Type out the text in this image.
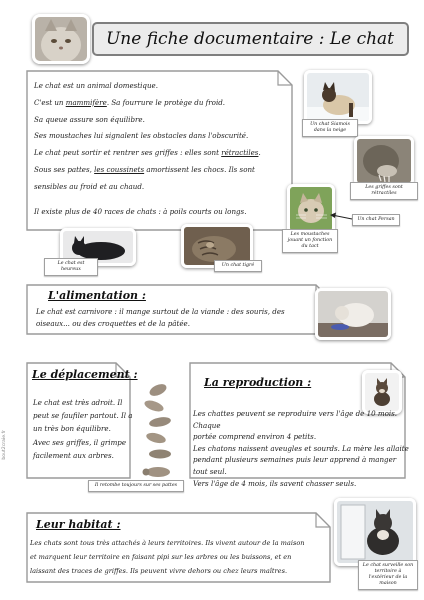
Une fiche documentaire : Le chat

Le chat est un animal domestique.

C'est un mammifère. Sa fourrure le protège du froid.

Sa queue assure son équilibre.

Ses moustaches lui signalent les obstacles dans l'obscurité.

Le chat peut sortir et rentrer ses griffes : elles sont rétractiles.

Sous ses pattes, les coussinets amortissent les chocs. Ils sont

sensibles au froid et au chaud.

Il existe plus de 40 races de chats : à poils courts ou longs.

Un chat Siamois dans la neige
Les griffes sont rétractiles
Les moustaches jouant un fonction du tact
Un chat Persan
Le chat est heureux
Un chat tigré
L'alimentation :

Le chat est carnivore : il mange surtout de la viande : des souris, des

oiseaux... ou des croquettes et de la pâtée.

Le déplacement :

Le chat est très adroit. Il

peut se faufiler partout. Il a

un très bon équilibre.

Avec ses griffes, il grimpe

facilement aux arbres.

Il retombe toujours sur ses pattes
La reproduction :

Les chattes peuvent se reproduire vers l'âge de 10 mois. Chaque

portée comprend environ 4 petits.

Les chatons naissent aveugles et sourds. La mère les allaite

pendant plusieurs semaines puis leur apprend à manger tout seul.

Vers l'âge de 4 mois, ils savent chasser seuls.

Leur habitat :

Les chats sont tous très attachés à leurs territoires. Ils vivent autour de la maison

et marquent leur territoire en faisant pipi sur les arbres ou les buissons, et en

laissant des traces de griffes. Ils peuvent vivre dehors ou chez leurs maîtres.

Le chat surveille son territoire à l'extérieur de la maison
bout2craie.fr
